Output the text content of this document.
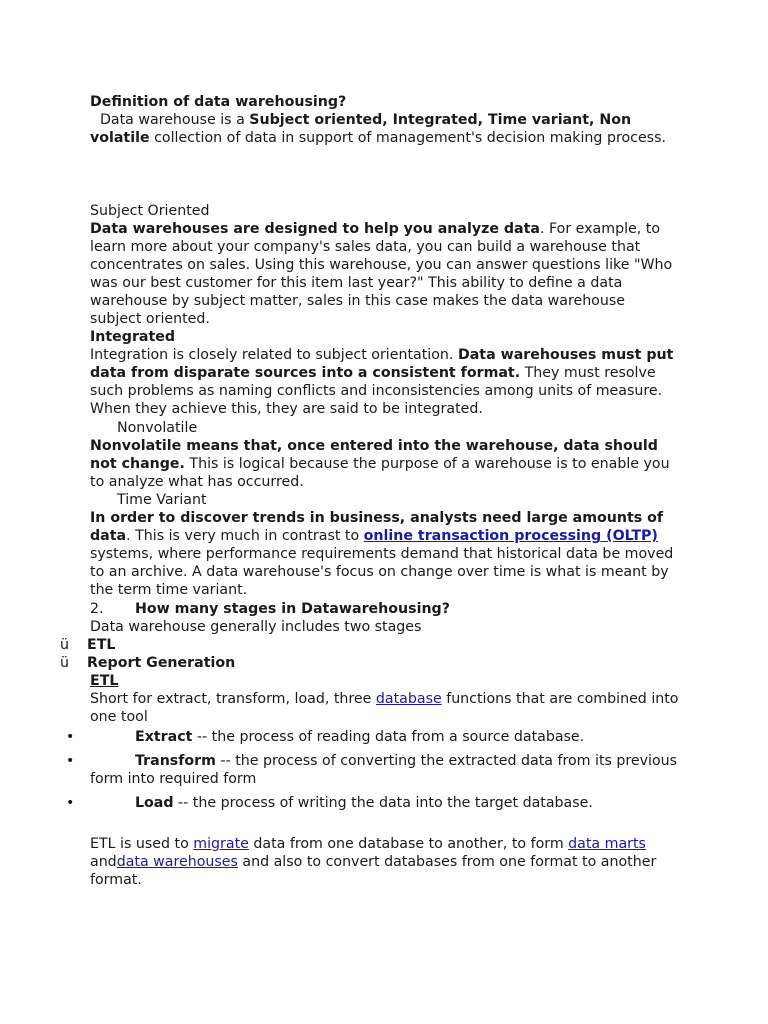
Definition of data warehousing?

Data warehouse is a Subject oriented, Integrated, Time variant, Non volatile collection of data in support of management's decision making process.

Subject Oriented

Data warehouses are designed to help you analyze data. For example, to learn more about your company's sales data, you can build a warehouse that concentrates on sales. Using this warehouse, you can answer questions like "Who was our best customer for this item last year?" This ability to define a data warehouse by subject matter, sales in this case makes the data warehouse subject oriented.

Integrated

Integration is closely related to subject orientation. Data warehouses must put data from disparate sources into a consistent format. They must resolve such problems as naming conflicts and inconsistencies among units of measure. When they achieve this, they are said to be integrated.

Nonvolatile

Nonvolatile means that, once entered into the warehouse, data should not change. This is logical because the purpose of a warehouse is to enable you to analyze what has occurred.

Time Variant

In order to discover trends in business, analysts need large amounts of data. This is very much in contrast to online transaction processing (OLTP) systems, where performance requirements demand that historical data be moved to an archive. A data warehouse's focus on change over time is what is meant by the term time variant.

2. How many stages in Datawarehousing?

Data warehouse generally includes two stages

ü ETL

ü Report Generation

ETL

Short for extract, transform, load, three database functions that are combined into one tool

•	Extract -- the process of reading data from a source database.

•	Transform -- the process of converting the extracted data from its previous form into required form

•	Load -- the process of writing the data into the target database.

ETL is used to migrate data from one database to another, to form data marts anddata warehouses and also to convert databases from one format to another format.
